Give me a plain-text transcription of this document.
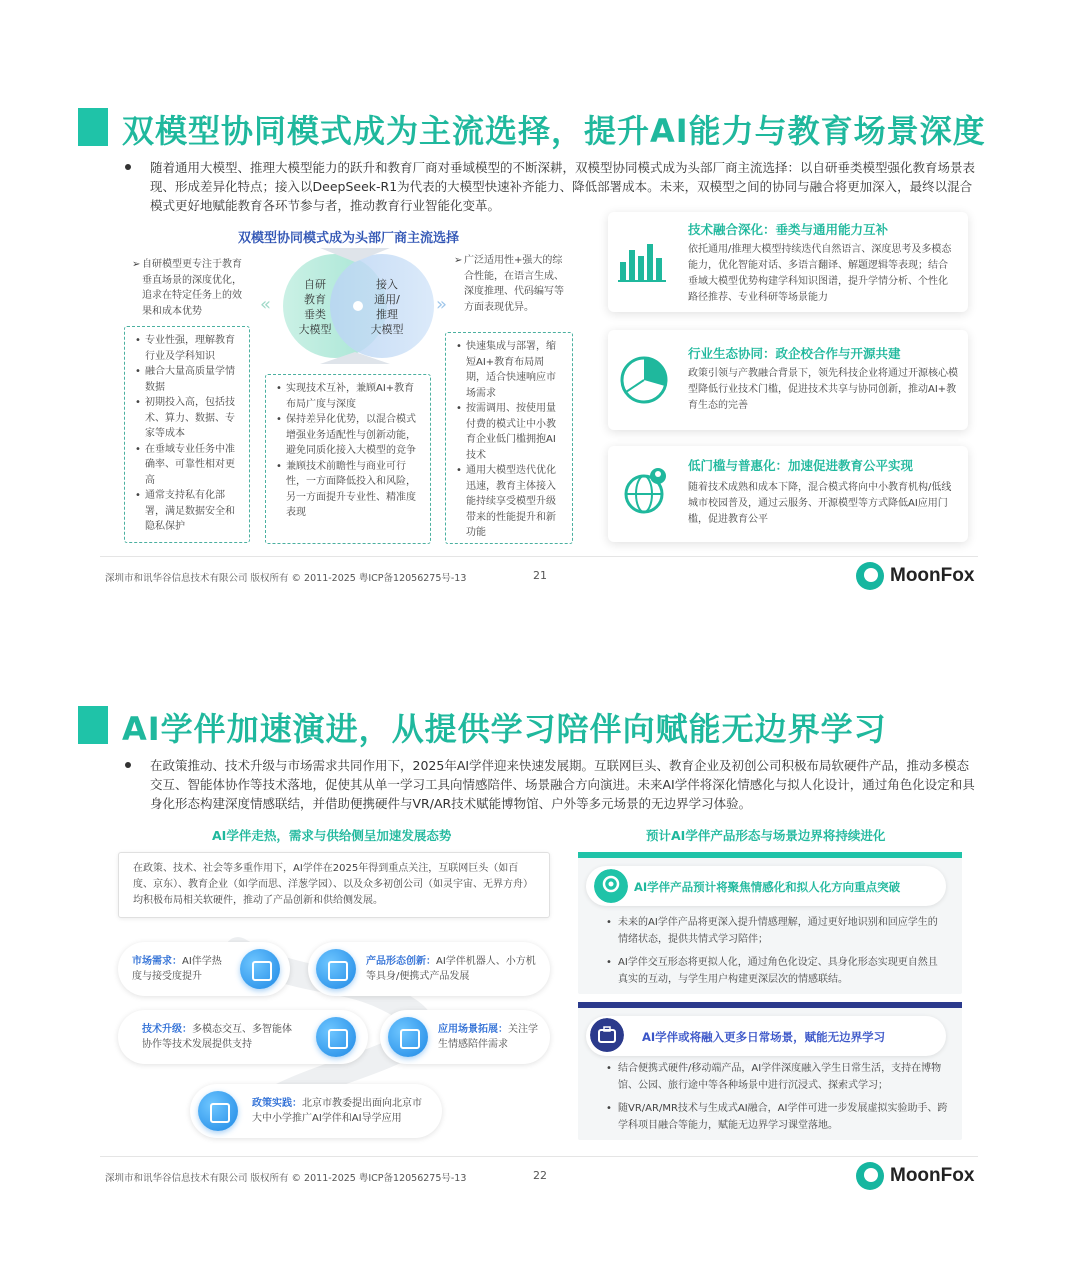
双模型协同模式成为主流选择，提升AI能力与教育场景深度

随着通用大模型、推理大模型能力的跃升和教育厂商对垂域模型的不断深耕，双模型协同模式成为头部厂商主流选择：以自研垂类模型强化教育场景表现、形成差异化特点；接入以DeepSeek-R1为代表的大模型快速补齐能力、降低部署成本。未来，双模型之间的协同与融合将更加深入，最终以混合模式更好地赋能教育各环节参与者，推动教育行业智能化变革。

双模型协同模式成为头部厂商主流选择
➢ 自研模型更专注于教育垂直场景的深度优化，追求在特定任务上的效果和成本优势
➢ 广泛适用性+强大的综合性能，在语言生成、深度推理、代码编写等方面表现优异。
«	»
自研
教育
垂类
大模型
接入
通用/
推理
大模型
• 专业性强，理解教育行业及学科知识
• 融合大量高质量学情数据
• 初期投入高，包括技术、算力、数据、专家等成本
• 在垂域专业任务中准确率、可靠性相对更高
• 通常支持私有化部署，满足数据安全和隐私保护
• 实现技术互补，兼顾AI+教育布局广度与深度
• 保持差异化优势，以混合模式增强业务适配性与创新动能，避免同质化接入大模型的竞争
• 兼顾技术前瞻性与商业可行性，一方面降低投入和风险，另一方面提升专业性、精准度表现
• 快速集成与部署，缩短AI+教育布局周期，适合快速响应市场需求
• 按需调用、按使用量付费的模式让中小教育企业低门槛拥抱AI技术
• 通用大模型迭代优化迅速，教育主体接入能持续享受模型升级带来的性能提升和新功能
技术融合深化：垂类与通用能力互补
依托通用/推理大模型持续迭代自然语言、深度思考及多模态能力，优化智能对话、多语言翻译、解题逻辑等表现；结合垂域大模型优势构建学科知识图谱，提升学情分析、个性化路径推荐、专业科研等场景能力
行业生态协同：政企校合作与开源共建
政策引领与产教融合背景下，领先科技企业将通过开源核心模型降低行业技术门槛，促进技术共享与协同创新，推动AI+教育生态的完善
低门槛与普惠化：加速促进教育公平实现
随着技术成熟和成本下降，混合模式将向中小教育机构/低线城市校园普及，通过云服务、开源模型等方式降低AI应用门槛，促进教育公平
深圳市和讯华谷信息技术有限公司 版权所有 © 2011-2025 粤ICP备12056275号-13	21	MoonFox
AI学伴加速演进，从提供学习陪伴向赋能无边界学习

在政策推动、技术升级与市场需求共同作用下，2025年AI学伴迎来快速发展期。互联网巨头、教育企业及初创公司积极布局软硬件产品，推动多模态交互、智能体协作等技术落地，促使其从单一学习工具向情感陪伴、场景融合方向演进。未来AI学伴将深化情感化与拟人化设计，通过角色化设定和具身化形态构建深度情感联结，并借助便携硬件与VR/AR技术赋能博物馆、户外等多元场景的无边界学习体验。

AI学伴走热，需求与供给侧呈加速发展态势
在政策、技术、社会等多重作用下，AI学伴在2025年得到重点关注，互联网巨头（如百度、京东）、教育企业（如学而思、洋葱学园）、以及众多初创公司（如灵宇宙、无界方舟）均积极布局相关软硬件，推动了产品创新和供给侧发展。
市场需求：AI伴学热度与接受度提升
产品形态创新：AI学伴机器人、小方机等具身/便携式产品发展
技术升级：多模态交互、多智能体协作等技术发展提供支持
应用场景拓展：关注学生情感陪伴需求
政策实践：北京市教委提出面向北京市大中小学推广AI学伴和AI导学应用
预计AI学伴产品形态与场景边界将持续进化
AI学伴产品预计将聚焦情感化和拟人化方向重点突破
• 未来的AI学伴产品将更深入提升情感理解，通过更好地识别和回应学生的情绪状态，提供共情式学习陪伴；
• AI学伴交互形态将更拟人化，通过角色化设定、具身化形态实现更自然且真实的互动，与学生用户构建更深层次的情感联结。
AI学伴或将融入更多日常场景，赋能无边界学习
• 结合便携式硬件/移动端产品，AI学伴深度融入学生日常生活，支持在博物馆、公园、旅行途中等各种场景中进行沉浸式、探索式学习；
• 随VR/AR/MR技术与生成式AI融合，AI学伴可进一步发展虚拟实验助手、跨学科项目融合等能力，赋能无边界学习课堂落地。
深圳市和讯华谷信息技术有限公司 版权所有 © 2011-2025 粤ICP备12056275号-13	22	MoonFox
